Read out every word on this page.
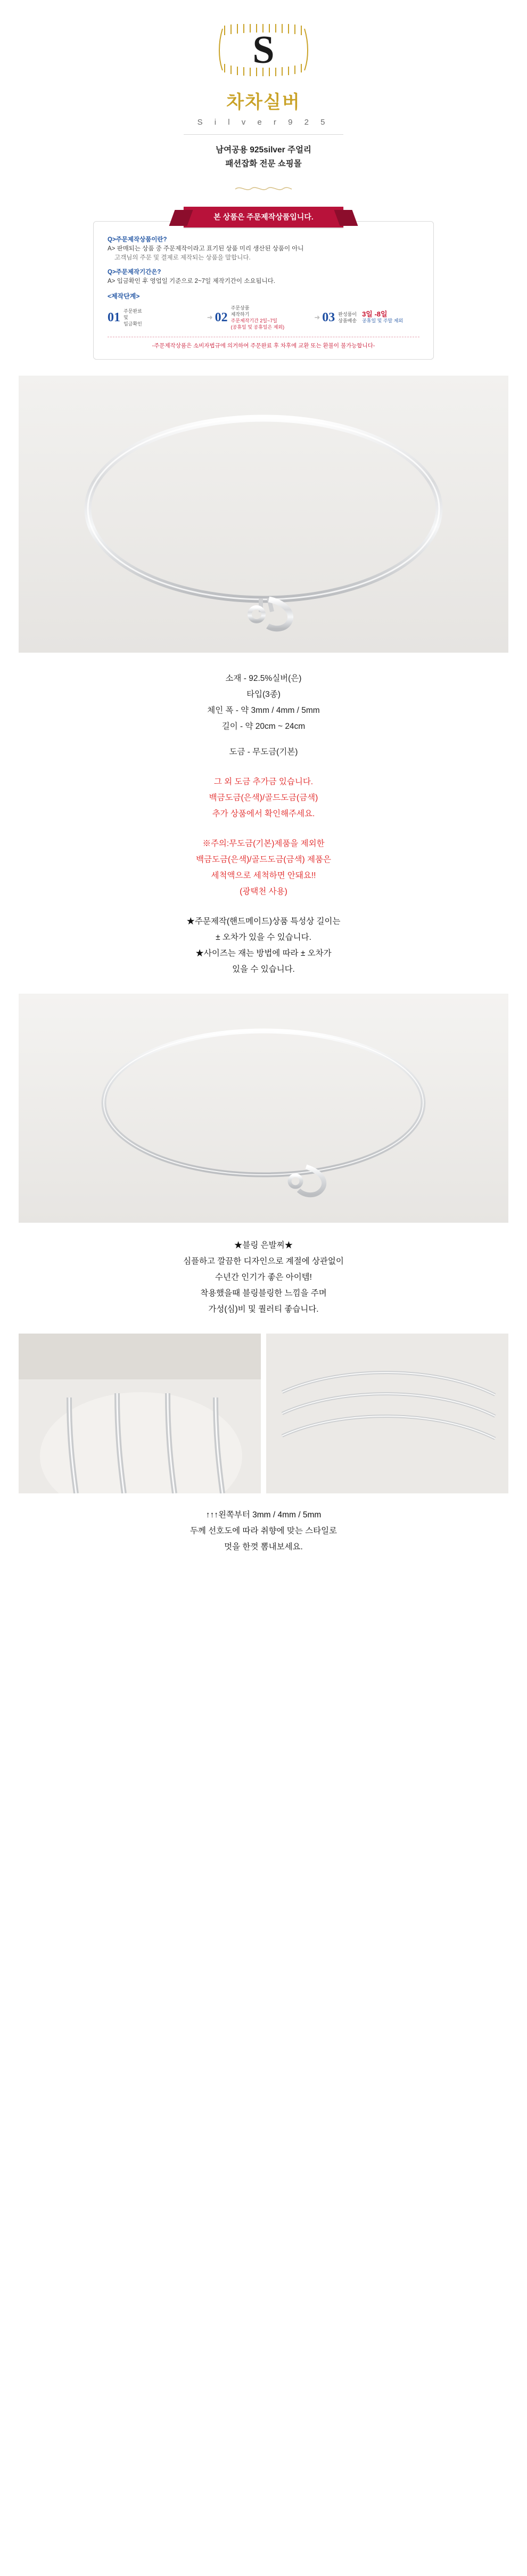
S
차차실버
S i l v e r 9 2 5
남여공용 925silver 주얼리
패션잡화 전문 쇼핑몰
본 상품은 주문제작상품입니다.
Q>주문제작상품이란?
A> 판매되는 상품 중 주문제작이라고 표기된 상품 미리 생산된 상품이 아니
고객님의 주문 및 결제로 제작되는 상품을 말합니다.
Q>주문제작기간은?
A> 입금확인 후 영업일 기준으로 2~7일 제작기간이 소요됩니다.
<제작단계>
01 주문완료
및
입금확인
➜ 02
주문상품
제작하기
주문제작기간 2일~7일
(공휴일 및 공휴일은 제외)
➜ 03 완성품이
상품배송
3일 -8일
공휴일 및 주말 제외
-주문제작상품은 소비자법규에 의거하여 주문완료 후 차후에 교환 또는 환불이 불가능합니다-
소재 - 92.5%실버(은)
타입(3종)
체인 폭 - 약 3mm / 4mm / 5mm
길이 - 약 20cm ~ 24cm
도금 - 무도금(기본)
그 외 도금 추가금 있습니다.
백금도금(은색)/골드도금(금색)
추가 상품에서 확인해주세요.
※주의:무도금(기본)제품을 제외한
백금도금(은색)/골드도금(금색) 제품은
세척액으로 세척하면 안돼요!!
(광택천 사용)
★주문제작(핸드메이드)상품 특성상 길이는
± 오차가 있을 수 있습니다.
★사이즈는 재는 방법에 따라 ± 오차가
있을 수 있습니다.
★블링 은발찌★
심플하고 깔끔한 디자인으로 계절에 상관없이
수년간 인기가 좋은 아이템!
착용했을때 블링블링한 느낌을 주며
가성(심)비 및 퀄러티 좋습니다.
↑↑↑왼쪽부터 3mm / 4mm / 5mm
두께 선호도에 따라 취향에 맞는 스타일로
멋을 한껏 뽐내보세요.
